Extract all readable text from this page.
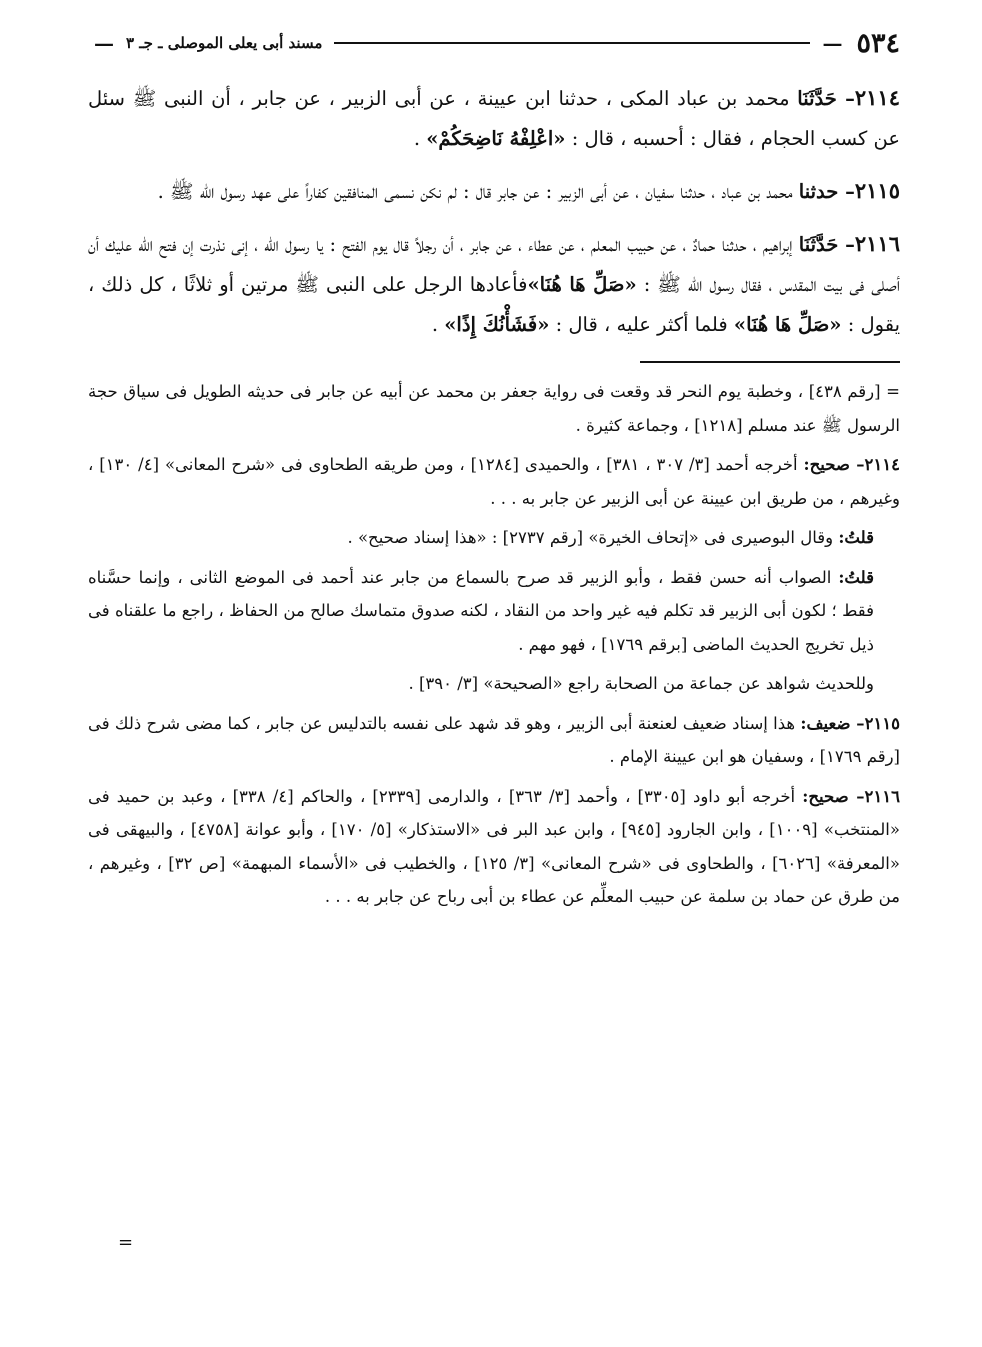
٥٣٤
—
مسند أبى يعلى الموصلى ـ جـ ٣
—

٢١١٤– حَدَّثَنَا محمد بن عباد المكى ، حدثنا ابن عيينة ، عن أبى الزبير ، عن جابر ، أن النبى ﷺ سئل عن كسب الحجام ، فقال : أحسبه ، قال : «اعْلِفْهُ نَاضِحَكُمْ» .

٢١١٥– حدثنا محمد بن عباد ، حدثنا سفيان ، عن أبى الزبير : عن جابر قال : لم نكن نسمى المنافقين كفاراً على عهد رسول الله ﷺ .

٢١١٦– حَدَّثَنَا إبراهيم ، حدثنا حمادٌ ، عن حبيب المعلم ، عن عطاء ، عن جابر ، أن رجلاً قال يوم الفتح : يا رسول الله ، إنى نذرت إن فتح الله عليك أن أصلى فى بيت المقدس ، فقال رسول الله ﷺ : «صَلِّ هَا هُنَا»فأعادها الرجل على النبى ﷺ مرتين أو ثلاثًا ، كل ذلك ، يقول : «صَلِّ هَا هُنَا» فلما أكثر عليه ، قال : «فَشَأْنُكَ إِذًا» .

= [رقم ٤٣٨] ، وخطبة يوم النحر قد وقعت فى رواية جعفر بن محمد عن أبيه عن جابر فى حديثه الطويل فى سياق حجة الرسول ﷺ عند مسلم [١٢١٨] ، وجماعة كثيرة .

٢١١٤– صحيح: أخرجه أحمد [٣/ ٣٠٧ ، ٣٨١] ، والحميدى [١٢٨٤] ، ومن طريقه الطحاوى فى «شرح المعانى» [٤/ ١٣٠] ، وغيرهم ، من طريق ابن عيينة عن أبى الزبير عن جابر به . . .

قلتُ: وقال البوصيرى فى «إتحاف الخيرة» [رقم ٢٧٣٧] : «هذا إسناد صحيح» .

قلتُ: الصواب أنه حسن فقط ، وأبو الزبير قد صرح بالسماع من جابر عند أحمد فى الموضع الثانى ، وإنما حسَّناه فقط ؛ لكون أبى الزبير قد تكلم فيه غير واحد من النقاد ، لكنه صدوق متماسك صالح من الحفاظ ، راجع ما علقناه فى ذيل تخريج الحديث الماضى [برقم ١٧٦٩] ، فهو مهم .

وللحديث شواهد عن جماعة من الصحابة راجع «الصحيحة» [٣/ ٣٩٠] .

٢١١٥– ضعيف: هذا إسناد ضعيف لعنعنة أبى الزبير ، وهو قد شهد على نفسه بالتدليس عن جابر ، كما مضى شرح ذلك فى [رقم ١٧٦٩] ، وسفيان هو ابن عيينة الإمام .

٢١١٦– صحيح: أخرجه أبو داود [٣٣٠٥] ، وأحمد [٣/ ٣٦٣] ، والدارمى [٢٣٣٩] ، والحاكم [٤/ ٣٣٨] ، وعبد بن حميد فى «المنتخب» [١٠٠٩] ، وابن الجارود [٩٤٥] ، وابن عبد البر فى «الاستذكار» [٥/ ١٧٠] ، وأبو عوانة [٤٧٥٨] ، والبيهقى فى «المعرفة» [٦٠٢٦] ، والطحاوى فى «شرح المعانى» [٣/ ١٢٥] ، والخطيب فى «الأسماء المبهمة» [ص ٣٢] ، وغيرهم ، من طرق عن حماد بن سلمة عن حبيب المعلِّم عن عطاء بن أبى رباح عن جابر به . . .

=
